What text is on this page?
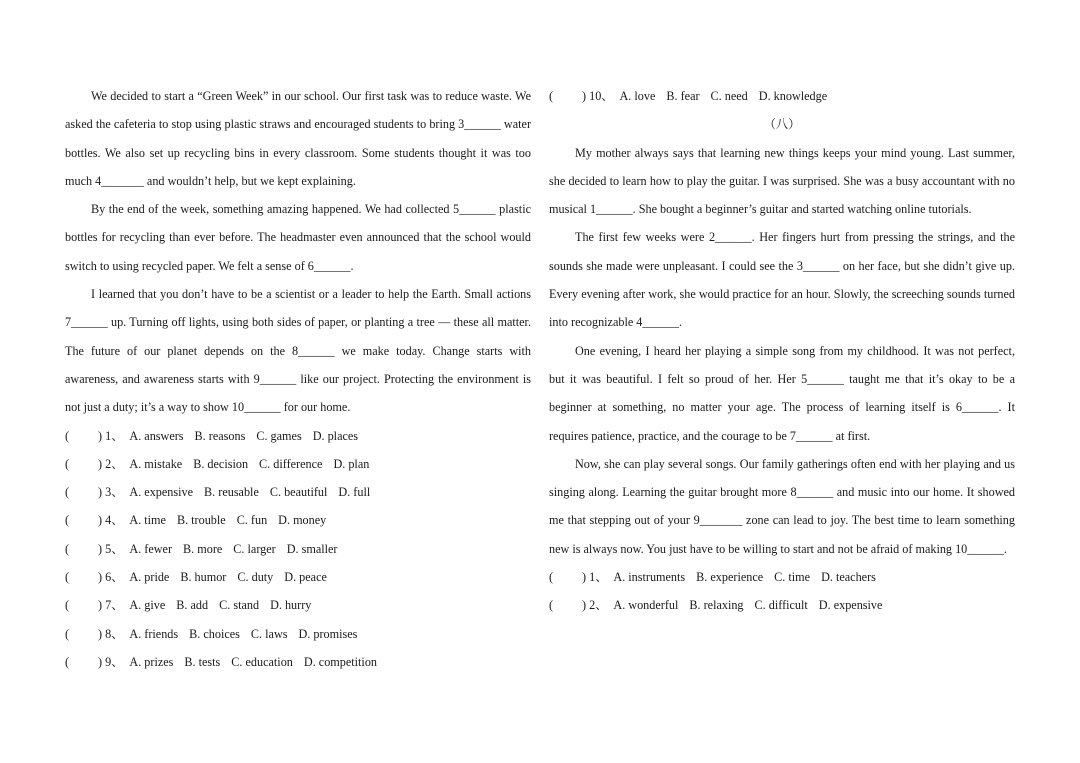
We decided to start a “Green Week” in our school. Our first task was to reduce waste. We asked the cafeteria to stop using plastic straws and encouraged students to bring 3______ water bottles. We also set up recycling bins in every classroom. Some students thought it was too much 4_______ and wouldn’t help, but we kept explaining.

By the end of the week, something amazing happened. We had collected 5______ plastic bottles for recycling than ever before. The headmaster even announced that the school would switch to using recycled paper. We felt a sense of 6______.

I learned that you don’t have to be a scientist or a leader to help the Earth. Small actions 7______ up. Turning off lights, using both sides of paper, or planting a tree — these all matter. The future of our planet depends on the 8______ we make today. Change starts with awareness, and awareness starts with 9______ like our project. Protecting the environment is not just a duty; it’s a way to show 10______ for our home.

(	) 1、 A. answers B. reasons C. games D. places
(	) 2、 A. mistake B. decision C. difference D. plan
(	) 3、 A. expensive B. reusable C. beautiful D. full
(	) 4、 A. time B. trouble C. fun D. money
(	) 5、 A. fewer B. more C. larger D. smaller
(	) 6、 A. pride B. humor C. duty D. peace
(	) 7、 A. give B. add C. stand D. hurry
(	) 8、 A. friends B. choices C. laws D. promises
(	) 9、 A. prizes B. tests C. education D. competition
(	) 10、 A. love B. fear C. need D. knowledge

（八）

My mother always says that learning new things keeps your mind young. Last summer, she decided to learn how to play the guitar. I was surprised. She was a busy accountant with no musical 1______. She bought a beginner’s guitar and started watching online tutorials.

The first few weeks were 2______. Her fingers hurt from pressing the strings, and the sounds she made were unpleasant. I could see the 3______ on her face, but she didn’t give up. Every evening after work, she would practice for an hour. Slowly, the screeching sounds turned into recognizable 4______.

One evening, I heard her playing a simple song from my childhood. It was not perfect, but it was beautiful. I felt so proud of her. Her 5______ taught me that it’s okay to be a beginner at something, no matter your age. The process of learning itself is 6______. It requires patience, practice, and the courage to be 7______ at first.

Now, she can play several songs. Our family gatherings often end with her playing and us singing along. Learning the guitar brought more 8______ and music into our home. It showed me that stepping out of your 9_______ zone can lead to joy. The best time to learn something new is always now. You just have to be willing to start and not be afraid of making 10______.

(	) 1、 A. instruments B. experience C. time D. teachers
(	) 2、 A. wonderful B. relaxing C. difficult D. expensive
